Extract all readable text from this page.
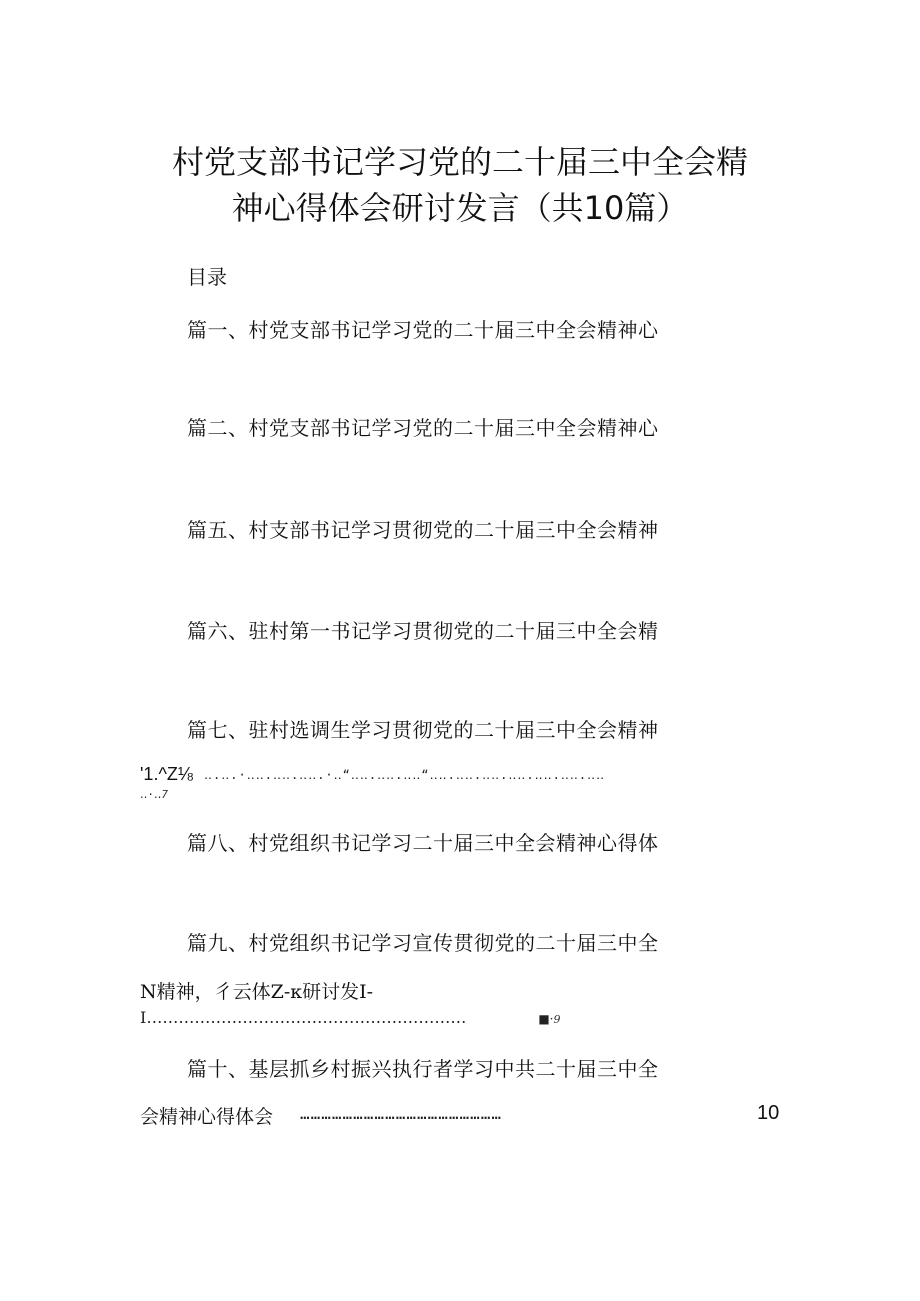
村党支部书记学习党的二十届三中全会精
神心得体会研讨发言（共10篇）
目录
篇一、村党支部书记学习党的二十届三中全会精神心
篇二、村党支部书记学习党的二十届三中全会精神心
篇五、村支部书记学习贯彻党的二十届三中全会精神
篇六、驻村第一书记学习贯彻党的二十届三中全会精
篇七、驻村选调生学习贯彻党的二十届三中全会精神
'1.^Z⅛ ‥.‥.·‥‥.‥‥.‥‥.·‥“‥‥.‥‥.‥‥“‥‥.‥‥.‥‥.‥‥.‥‥.‥‥.‥‥
‥·‥7
篇八、村党组织书记学习二十届三中全会精神心得体
篇九、村党组织书记学习宣传贯彻党的二十届三中全
N精神，彳云体Z-κ研讨发I-
I……………………………………………………	■·9
篇十、基层抓乡村振兴执行者学习中共二十届三中全
会精神心得体会 …………………………………………………	10
